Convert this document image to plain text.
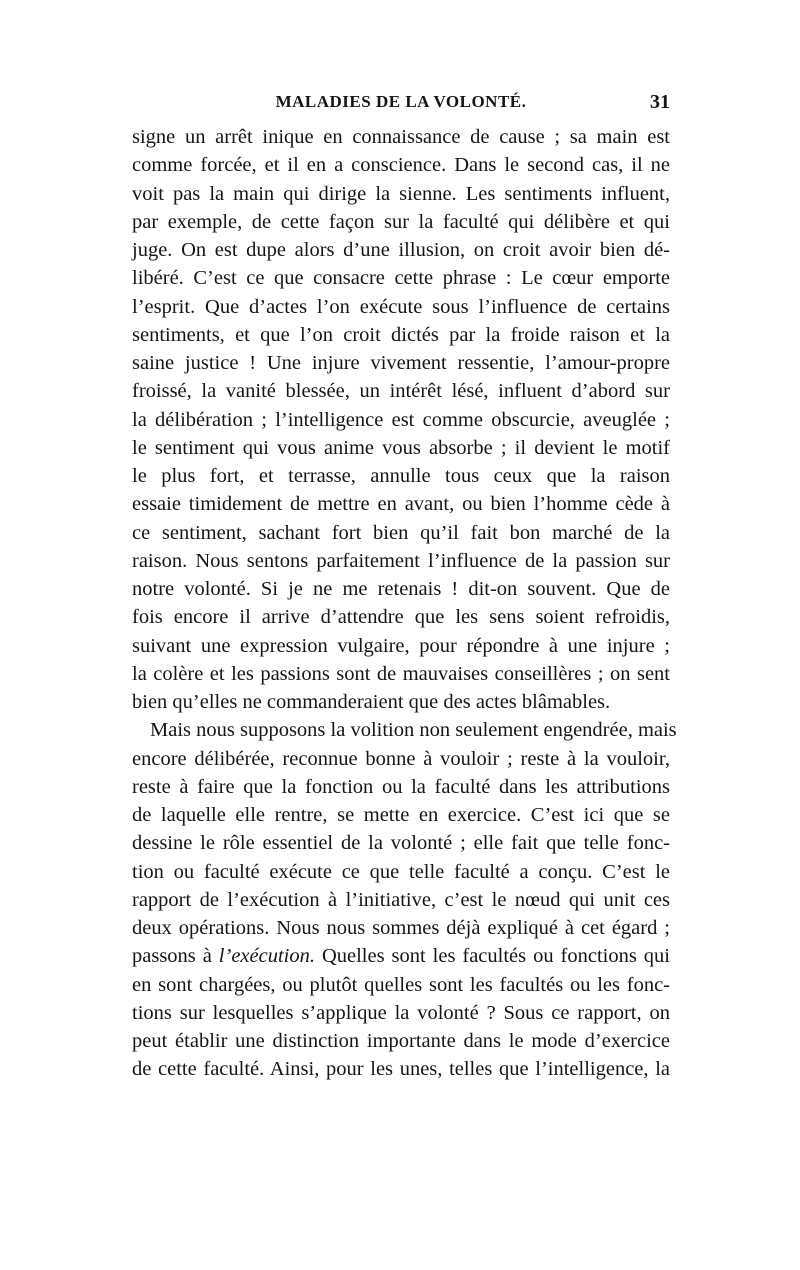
MALADIES DE LA VOLONTÉ.	31
signe un arrêt inique en connaissance de cause ; sa main est
comme forcée, et il en a conscience. Dans le second cas, il ne
voit pas la main qui dirige la sienne. Les sentiments influent,
par exemple, de cette façon sur la faculté qui délibère et qui
juge. On est dupe alors d’une illusion, on croit avoir bien dé-
libéré. C’est ce que consacre cette phrase : Le cœur emporte
l’esprit. Que d’actes l’on exécute sous l’influence de certains
sentiments, et que l’on croit dictés par la froide raison et la
saine justice ! Une injure vivement ressentie, l’amour-propre
froissé, la vanité blessée, un intérêt lésé, influent d’abord sur
la délibération ; l’intelligence est comme obscurcie, aveuglée ;
le sentiment qui vous anime vous absorbe ; il devient le motif
le plus fort, et terrasse, annulle tous ceux que la raison
essaie timidement de mettre en avant, ou bien l’homme cède à
ce sentiment, sachant fort bien qu’il fait bon marché de la
raison. Nous sentons parfaitement l’influence de la passion sur
notre volonté. Si je ne me retenais ! dit-on souvent. Que de
fois encore il arrive d’attendre que les sens soient refroidis,
suivant une expression vulgaire, pour répondre à une injure ;
la colère et les passions sont de mauvaises conseillères ; on sent
bien qu’elles ne commanderaient que des actes blâmables.
Mais nous supposons la volition non seulement engendrée, mais
encore délibérée, reconnue bonne à vouloir ; reste à la vouloir,
reste à faire que la fonction ou la faculté dans les attributions
de laquelle elle rentre, se mette en exercice. C’est ici que se
dessine le rôle essentiel de la volonté ; elle fait que telle fonc-
tion ou faculté exécute ce que telle faculté a conçu. C’est le
rapport de l’exécution à l’initiative, c’est le nœud qui unit ces
deux opérations. Nous nous sommes déjà expliqué à cet égard ;
passons à l’exécution. Quelles sont les facultés ou fonctions qui
en sont chargées, ou plutôt quelles sont les facultés ou les fonc-
tions sur lesquelles s’applique la volonté ? Sous ce rapport, on
peut établir une distinction importante dans le mode d’exercice
de cette faculté. Ainsi, pour les unes, telles que l’intelligence, la
